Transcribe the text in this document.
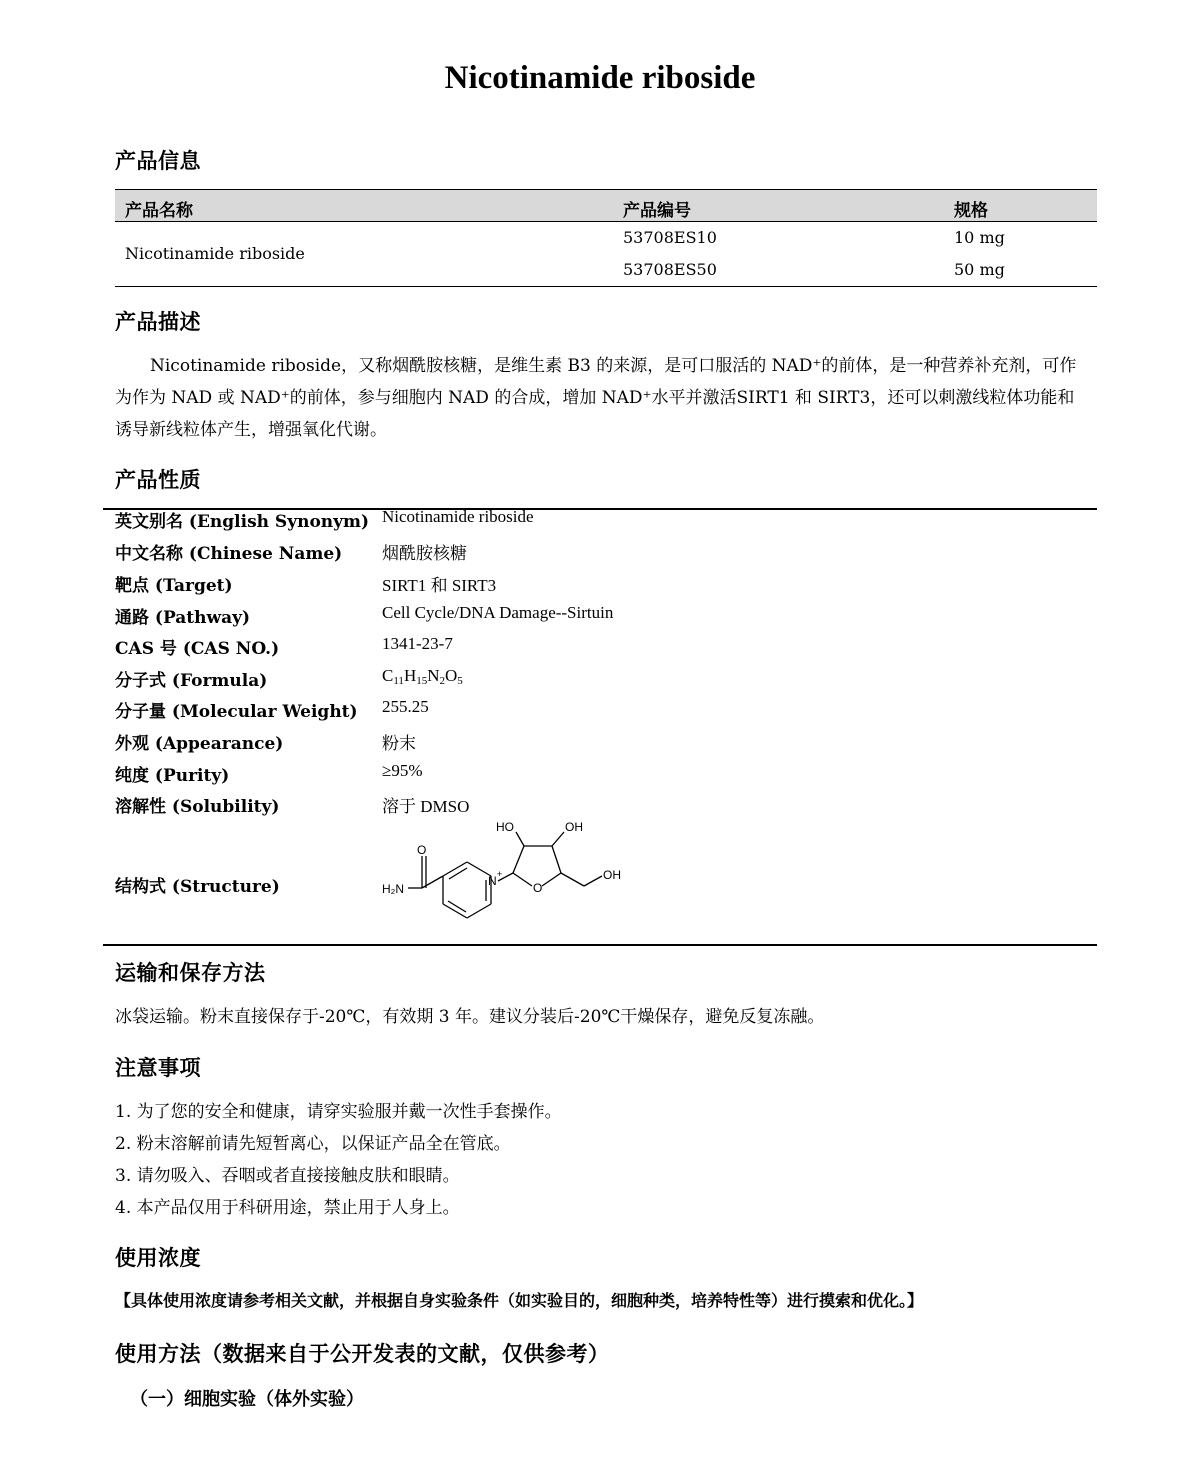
Nicotinamide riboside
产品信息
产品名称	产品编号	规格
Nicotinamide riboside
53708ES10	10 mg
53708ES50	50 mg
产品描述
Nicotinamide riboside，又称烟酰胺核糖，是维生素 B3 的来源，是可口服活的 NAD⁺的前体，是一种营养补充剂，可作
为作为 NAD 或 NAD⁺的前体，参与细胞内 NAD 的合成，增加 NAD⁺水平并激活SIRT1 和 SIRT3，还可以刺激线粒体功能和
诱导新线粒体产生，增强氧化代谢。
产品性质
英文别名 (English Synonym) Nicotinamide riboside
中文名称 (Chinese Name) 烟酰胺核糖
靶点 (Target)	SIRT1 和 SIRT3
通路 (Pathway)	Cell Cycle/DNA Damage--Sirtuin
CAS 号 (CAS NO.)	1341-23-7
分子式 (Formula)	$C_{11}H_{15}N_2O_5$
分子量 (Molecular Weight) 255.25
外观 (Appearance)	粉末
纯度 (Purity)	≥95%
溶解性 (Solubility)	溶于 DMSO
结构式 (Structure)
HO	OH
O
OH
H₂N
N +
O
运输和保存方法
冰袋运输。粉末直接保存于-20℃，有效期 3 年。建议分装后-20℃干燥保存，避免反复冻融。
注意事项
1. 为了您的安全和健康，请穿实验服并戴一次性手套操作。
2. 粉末溶解前请先短暂离心，以保证产品全在管底。
3. 请勿吸入、吞咽或者直接接触皮肤和眼睛。
4. 本产品仅用于科研用途，禁止用于人身上。
使用浓度
【具体使用浓度请参考相关文献，并根据自身实验条件（如实验目的，细胞种类，培养特性等）进行摸索和优化。】
使用方法（数据来自于公开发表的文献，仅供参考）
（一）细胞实验（体外实验）
